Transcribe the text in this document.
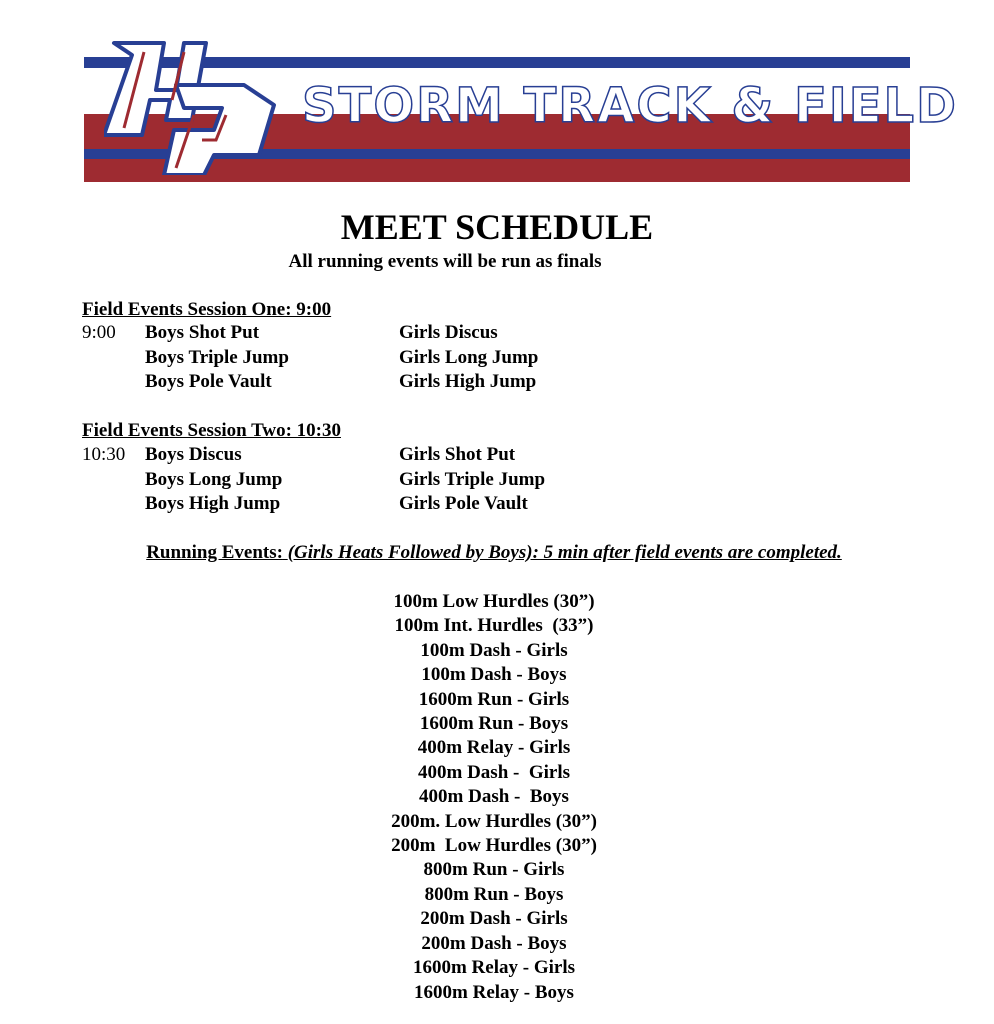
STORM TRACK & FIELD
MEET SCHEDULE
All running events will be run as finals
Field Events Session One: 9:00
9:00 Boys Shot Put
Boys Triple Jump
Boys Pole Vault
Girls Discus
Girls Long Jump
Girls High Jump
Field Events Session Two: 10:30
10:30 Boys Discus
Boys Long Jump
Boys High Jump
Girls Shot Put
Girls Triple Jump
Girls Pole Vault
Running Events: (Girls Heats Followed by Boys): 5 min after field events are completed.
100m Low Hurdles (30”)
100m Int. Hurdles  (33”)
100m Dash - Girls
100m Dash - Boys
1600m Run - Girls
1600m Run - Boys
400m Relay - Girls
400m Dash -  Girls
400m Dash -  Boys
200m. Low Hurdles (30”)
200m  Low Hurdles (30”)
800m Run - Girls
800m Run - Boys
200m Dash - Girls
200m Dash - Boys
1600m Relay - Girls
1600m Relay - Boys
